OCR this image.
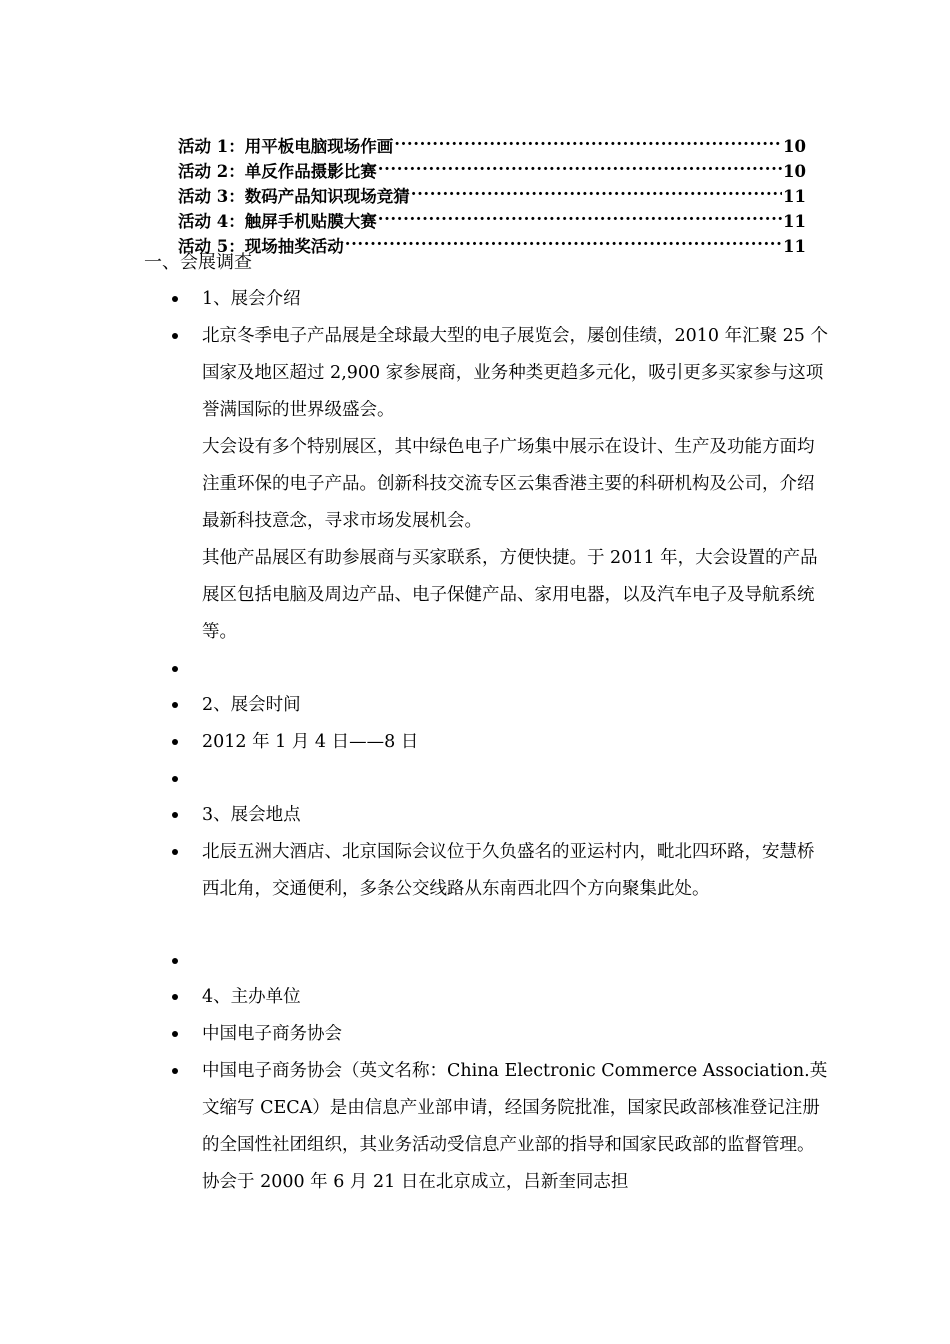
活动 1：用平板电脑现场作画 .....	10
活动 2：单反作品摄影比赛 .....	10
活动 3：数码产品知识现场竞猜 .....	11
活动 4：触屏手机贴膜大赛 .....	11
活动 5：现场抽奖活动 .....	11
一、会展调查
1、展会介绍

北京冬季电子产品展是全球最大型的电子展览会，屡创佳绩，2010 年汇聚 25 个国家及地区超过 2,900 家参展商，业务种类更趋多元化，吸引更多买家参与这项誉满国际的世界级盛会。

大会设有多个特别展区，其中绿色电子广场集中展示在设计、生产及功能方面均注重环保的电子产品。创新科技交流专区云集香港主要的科研机构及公司，介绍最新科技意念，寻求市场发展机会。

其他产品展区有助参展商与买家联系，方便快捷。于 2011 年，大会设置的产品展区包括电脑及周边产品、电子保健产品、家用电器，以及汽车电子及导航系统等。

2、展会时间
2012 年 1 月 4 日——8 日
3、展会地点

北辰五洲大酒店、北京国际会议位于久负盛名的亚运村内，毗北四环路，安慧桥西北角，交通便利，多条公交线路从东南西北四个方向聚集此处。

4、主办单位
中国电子商务协会

中国电子商务协会（英文名称：China Electronic Commerce Association.英文缩写 CECA）是由信息产业部申请，经国务院批准，国家民政部核准登记注册的全国性社团组织，其业务活动受信息产业部的指导和国家民政部的监督管理。协会于 2000 年 6 月 21 日在北京成立，吕新奎同志担
